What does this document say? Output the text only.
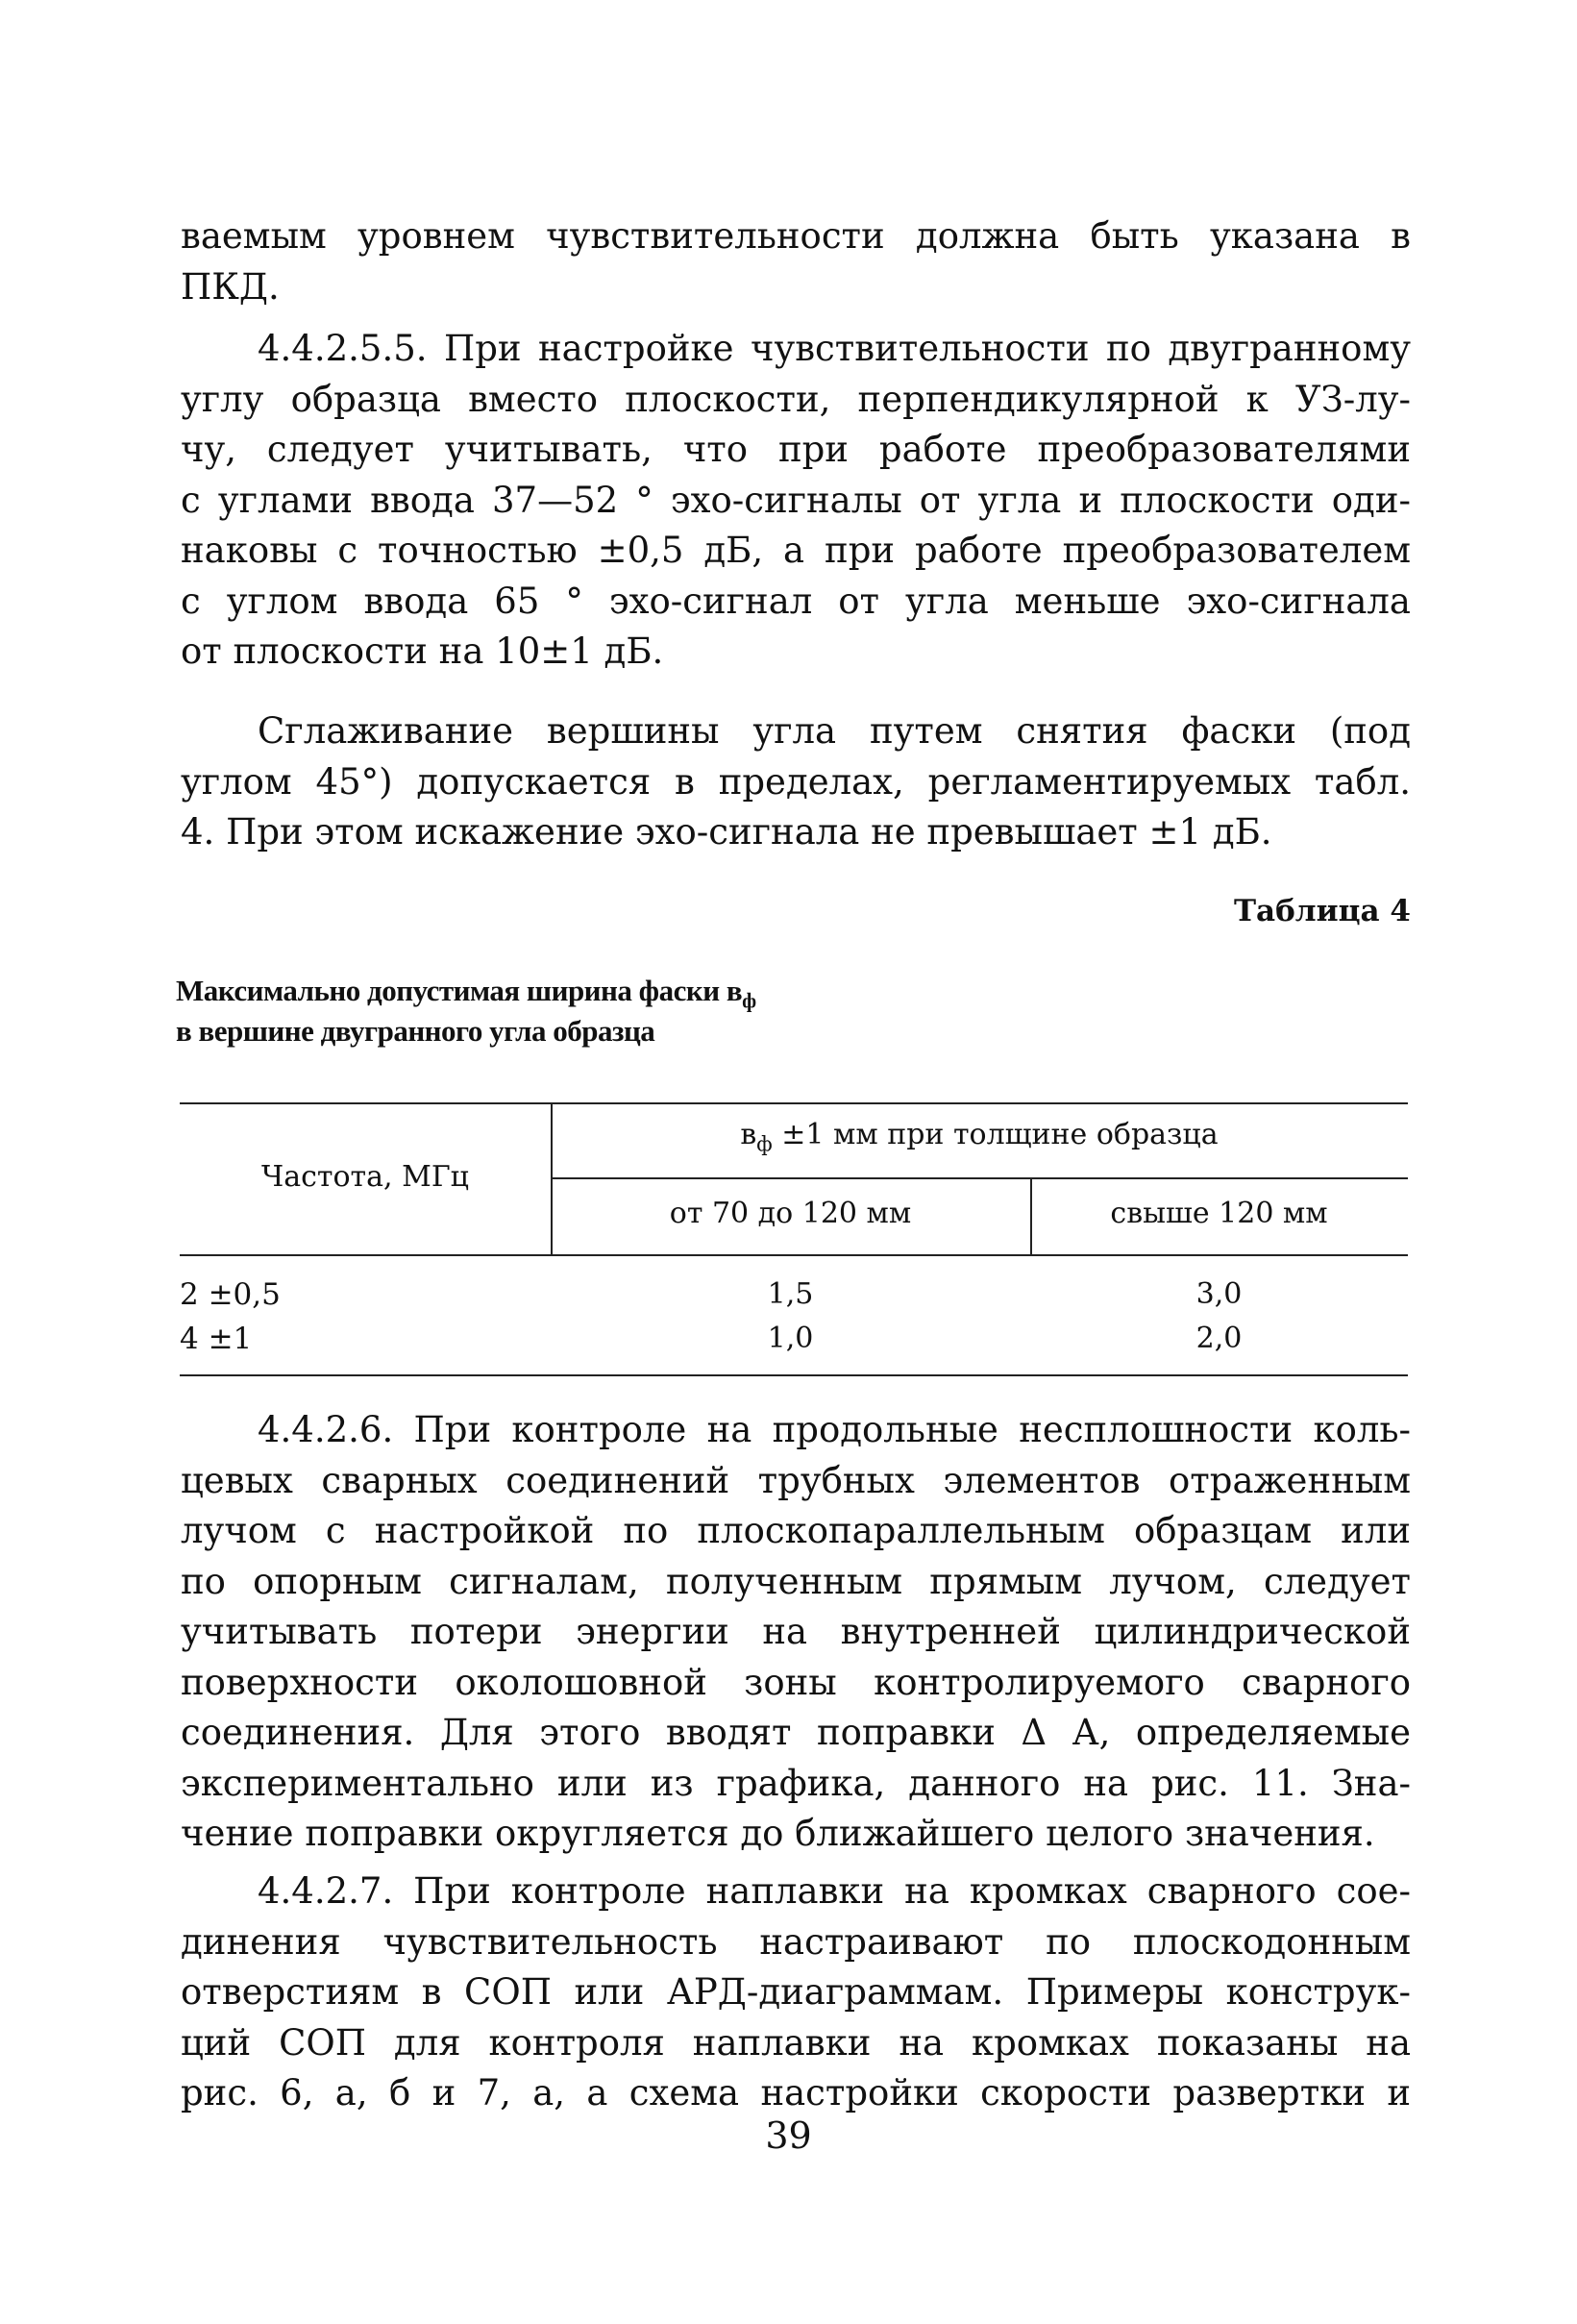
ваемым уровнем чувствительности должна быть указана в
ПКД.
4.4.2.5.5. При настройке чувствительности по двугранному
углу образца вместо плоскости, перпендикулярной к УЗ-лу-
чу, следует учитывать, что при работе преобразователями
с углами ввода 37—52 ° эхо-сигналы от угла и плоскости оди-
наковы с точностью ±0,5 дБ, а при работе преобразователем
с углом ввода 65 ° эхо-сигнал от угла меньше эхо-сигнала
от плоскости на 10±1 дБ.
Сглаживание вершины угла путем снятия фаски (под
углом 45°) допускается в пределах, регламентируемых табл.
4. При этом искажение эхо-сигнала не превышает ±1 дБ.
Таблица 4
Максимально допустимая ширина фаски $в_ф$
в вершине двугранного угла образца
Частота, МГц
$в_ф \pm 1$ мм при толщине образца
от 70 до 120 мм	свыше 120 мм
2 ±0,5	1,5	3,0
4 ±1	1,0	2,0
4.4.2.6. При контроле на продольные несплошности коль-
цевых сварных соединений трубных элементов отраженным
лучом с настройкой по плоскопараллельным образцам или
по опорным сигналам, полученным прямым лучом, следует
учитывать потери энергии на внутренней цилиндрической
поверхности околошовной зоны контролируемого сварного
соединения. Для этого вводят поправки Δ А, определяемые
экспериментально или из графика, данного на рис. 11. Зна-
чение поправки округляется до ближайшего целого значения.
4.4.2.7. При контроле наплавки на кромках сварного сое-
динения чувствительность настраивают по плоскодонным
отверстиям в СОП или АРД-диаграммам. Примеры конструк-
ций СОП для контроля наплавки на кромках показаны на
рис. 6, а, б и 7, а, а схема настройки скорости развертки и
39
